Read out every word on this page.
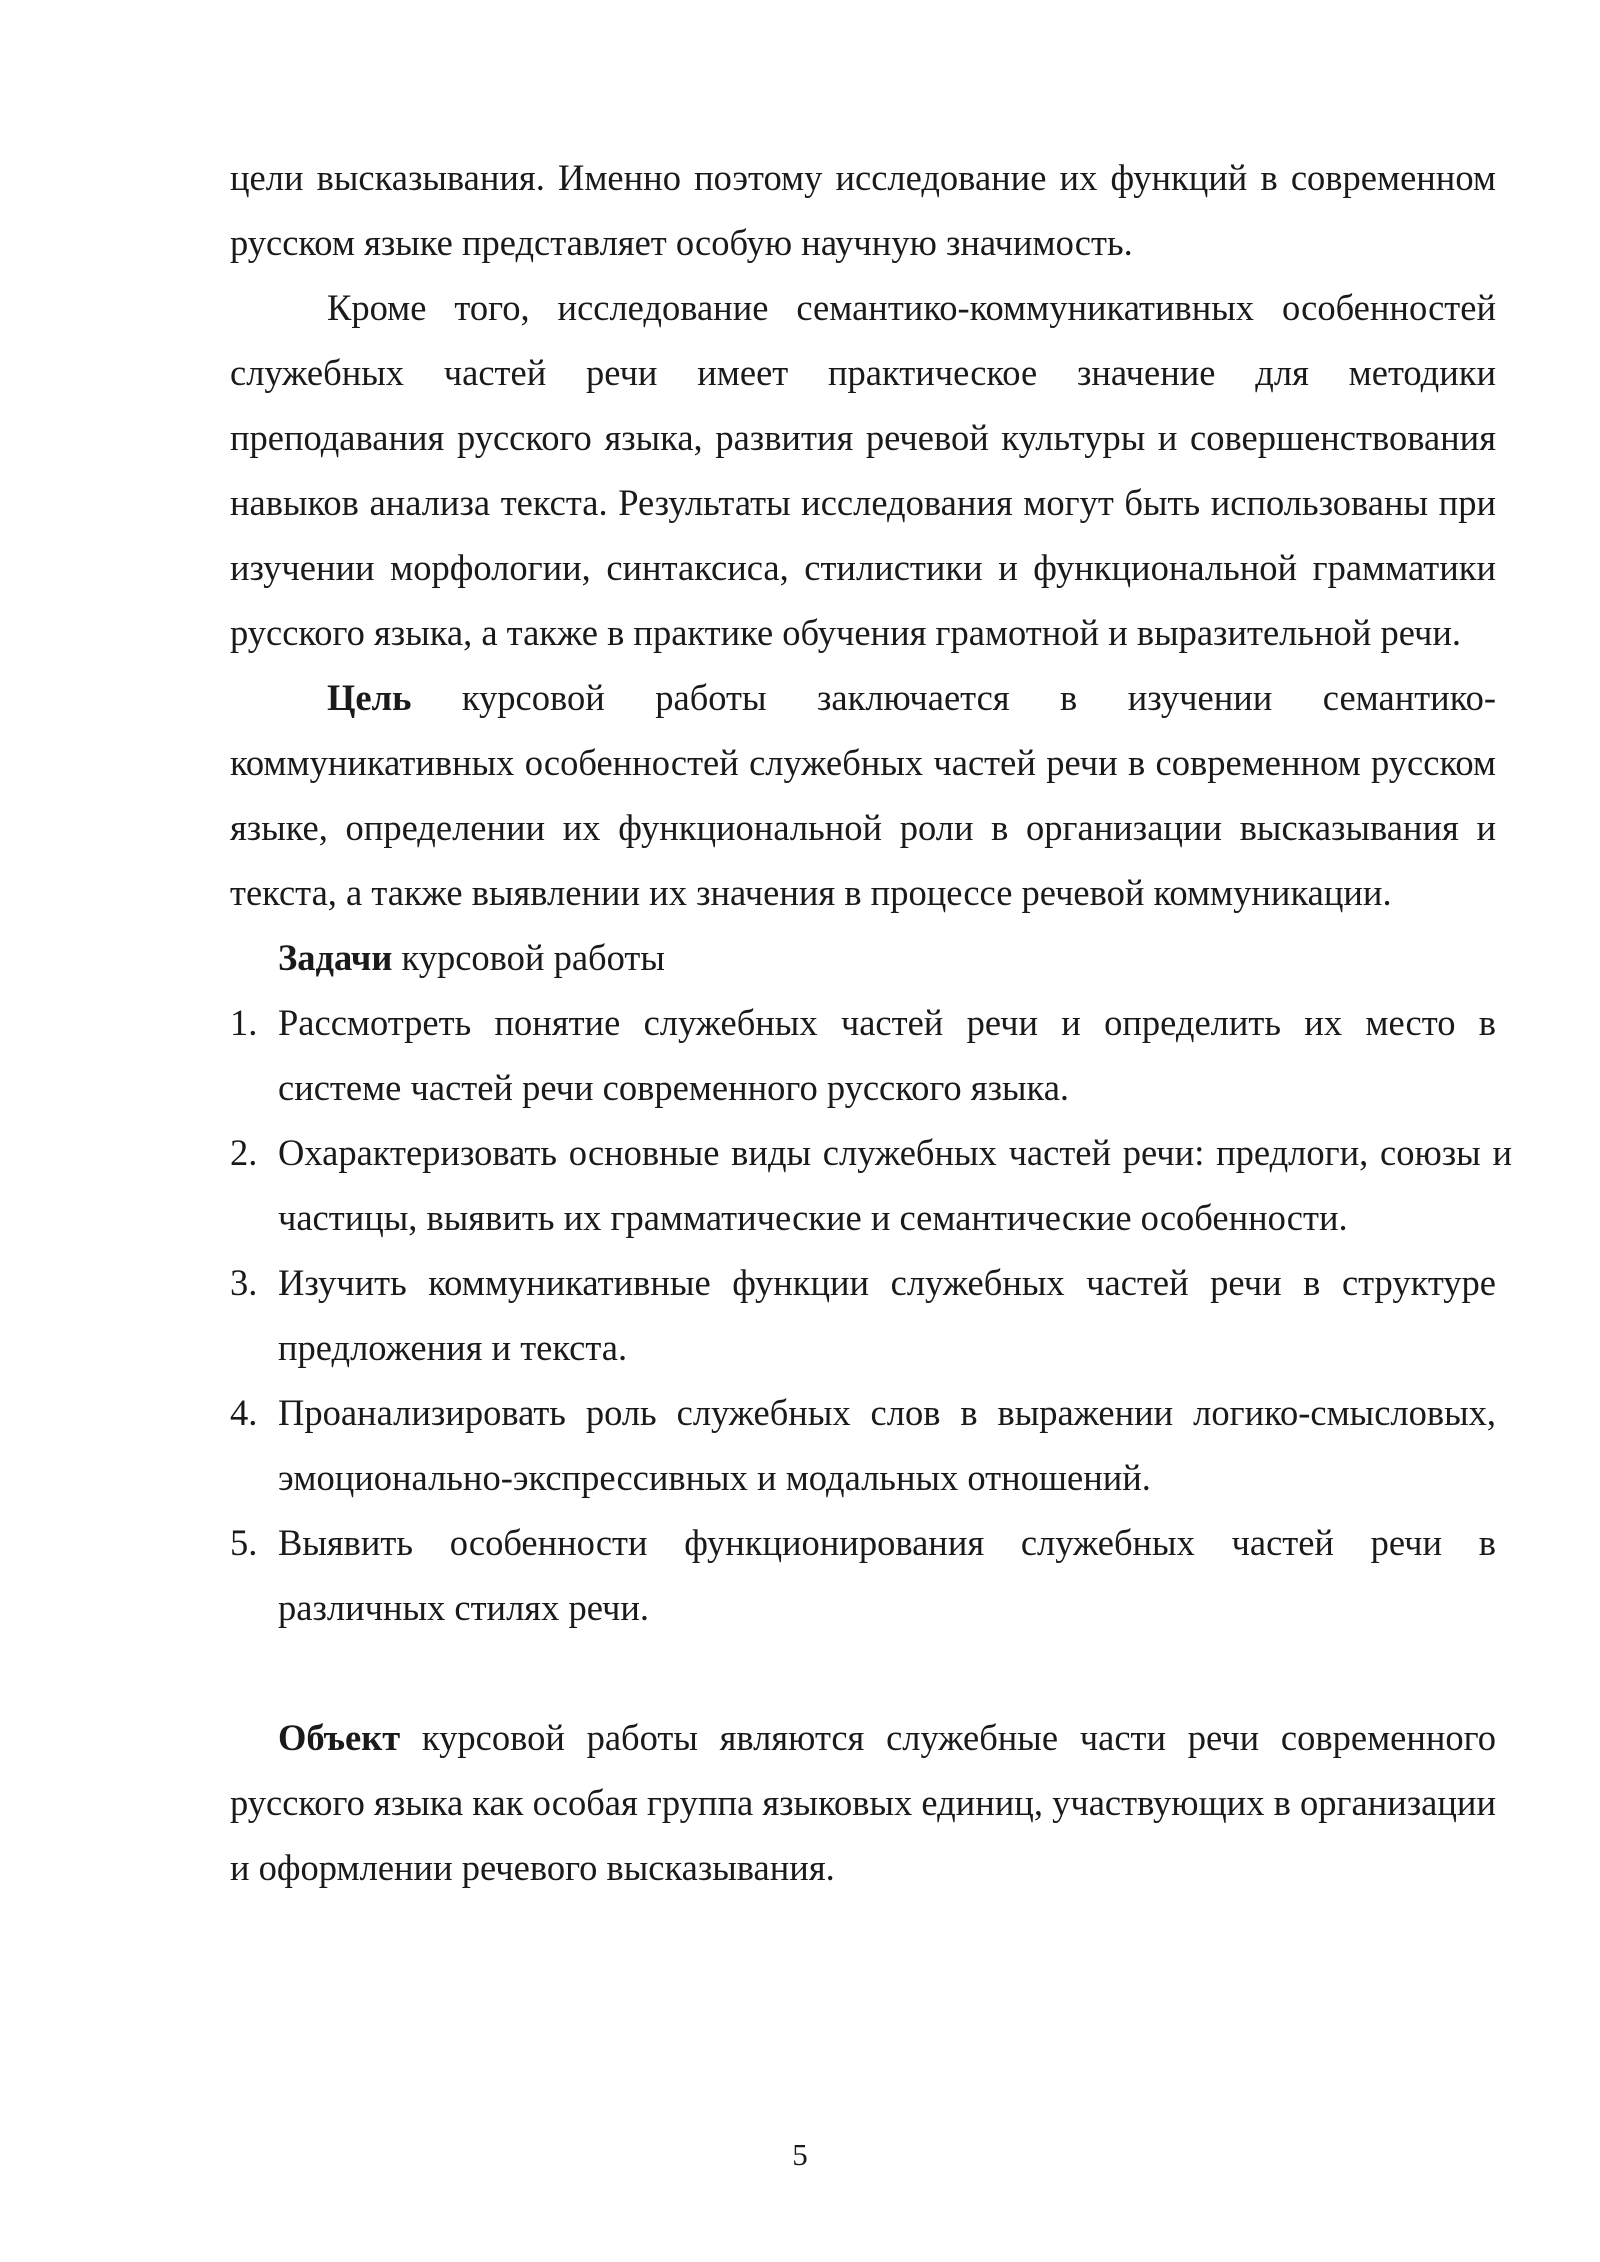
цели высказывания. Именно поэтому исследование их функций в современном русском языке представляет особую научную значимость.

Кроме того, исследование семантико-коммуникативных особенностей служебных частей речи имеет практическое значение для методики преподавания русского языка, развития речевой культуры и совершенствования навыков анализа текста. Результаты исследования могут быть использованы при изучении морфологии, синтаксиса, стилистики и функциональной грамматики русского языка, а также в практике обучения грамотной и выразительной речи.

Цель курсовой работы заключается в изучении семантико-коммуникативных особенностей служебных частей речи в современном русском языке, определении их функциональной роли в организации высказывания и текста, а также выявлении их значения в процессе речевой коммуникации.

Задачи курсовой работы

1. Рассмотреть понятие служебных частей речи и определить их место в системе частей речи современного русского языка.
2. Охарактеризовать основные виды служебных частей речи: предлоги, союзы и частицы, выявить их грамматические и семантические особенности.
3. Изучить коммуникативные функции служебных частей речи в структуре предложения и текста.
4. Проанализировать роль служебных слов в выражении логико-смысловых, эмоционально-экспрессивных и модальных отношений.
5. Выявить особенности функционирования служебных частей речи в различных стилях речи.

Объект курсовой работы являются служебные части речи современного русского языка как особая группа языковых единиц, участвующих в организации и оформлении речевого высказывания.

5
